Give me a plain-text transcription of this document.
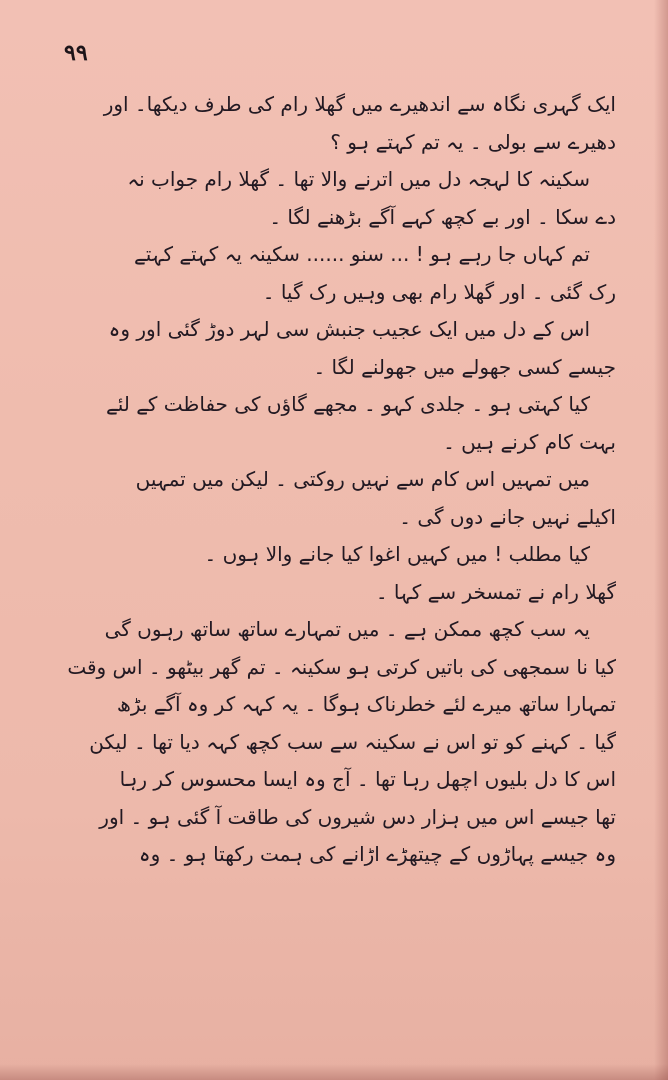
۹۹
ایک گہری نگاہ سے اندھیرے میں گھلا رام کی طرف دیکھا۔ اور
دھیرے سے بولی ۔ یہ تم کہتے ہو ؟
سکینہ کا لہجہ دل میں اترنے والا تھا ۔ گھلا رام جواب نہ
دے سکا ۔ اور بے کچھ کہے آگے بڑھنے لگا ۔
تم کہاں جا رہے ہو ! ... سنو ...... سکینہ یہ کہتے کہتے
رک گئی ۔ اور گھلا رام بھی وہیں رک گیا ۔
اس کے دل میں ایک عجیب جنبش سی لہر دوڑ گئی اور وہ
جیسے کسی جھولے میں جھولنے لگا ۔
کیا کہتی ہو ۔ جلدی کہو ۔ مجھے گاؤں کی حفاظت کے لئے
بہت کام کرنے ہیں ۔
میں تمہیں اس کام سے نہیں روکتی ۔ لیکن میں تمہیں
اکیلے نہیں جانے دوں گی ۔
کیا مطلب ! میں کہیں اغوا کیا جانے والا ہوں ۔
گھلا رام نے تمسخر سے کہا ۔
یہ سب کچھ ممکن ہے ۔ میں تمہارے ساتھ ساتھ رہوں گی
کیا نا سمجھی کی باتیں کرتی ہو سکینہ ۔ تم گھر بیٹھو ۔ اس وقت
تمہارا ساتھ میرے لئے خطرناک ہوگا ۔ یہ کہہ کر وہ آگے بڑھ
گیا ۔ کہنے کو تو اس نے سکینہ سے سب کچھ کہہ دیا تھا ۔ لیکن
اس کا دل بلیوں اچھل رہا تھا ۔ آج وہ ایسا محسوس کر رہا
تھا جیسے اس میں ہزار دس شیروں کی طاقت آ گئی ہو ۔ اور
وہ جیسے پہاڑوں کے چیتھڑے اڑانے کی ہمت رکھتا ہو ۔ وہ
